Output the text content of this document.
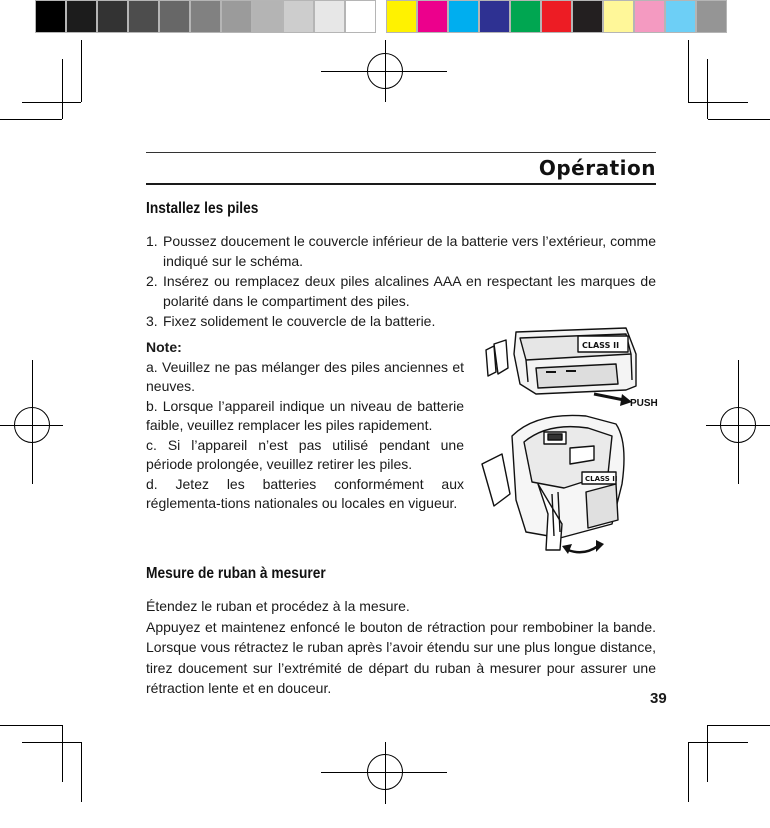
Opération
Installez les piles
1. Poussez doucement le couvercle inférieur de la batterie vers l’extérieur, comme indiqué sur le schéma.
2. Insérez ou remplacez deux piles alcalines AAA en respectant les marques de polarité dans le compartiment des piles.
3. Fixez solidement le couvercle de la batterie.

Note:

a. Veuillez ne pas mélanger des piles anciennes et neuves.

b. Lorsque l’appareil indique un niveau de batterie faible, veuillez remplacer les piles rapidement.

c. Si l’appareil n’est pas utilisé pendant une période prolongée, veuillez retirer les piles.

d. Jetez les batteries conformément aux réglementa-tions nationales ou locales en vigueur.

CLASS II
PUSH
CLASS II
Mesure de ruban à mesurer

Étendez le ruban et procédez à la mesure.

Appuyez et maintenez enfoncé le bouton de rétraction pour rembobiner la bande. Lorsque vous rétractez le ruban après l’avoir étendu sur une plus longue distance, tirez doucement sur l’extrémité de départ du ruban à mesurer pour assurer une rétraction lente et en douceur.

39
